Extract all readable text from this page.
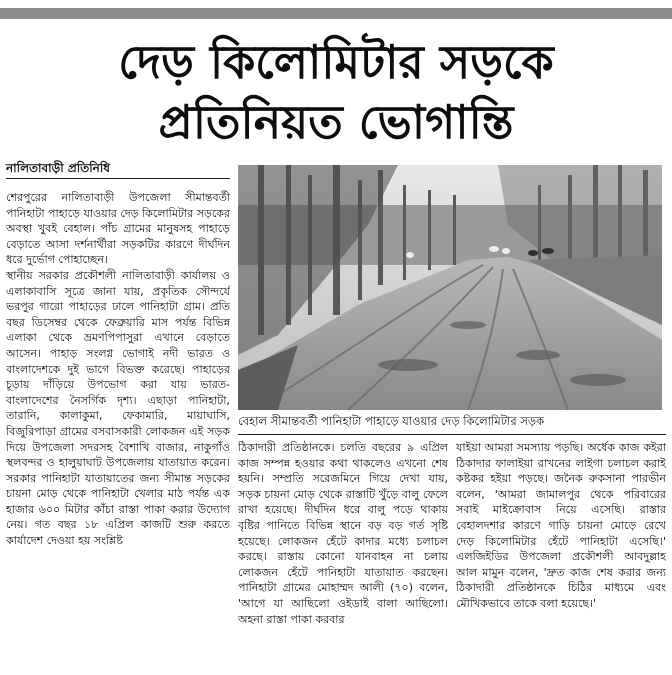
দেড় কিলোমিটার সড়কে
প্রতিনিয়ত ভোগান্তি
নালিতাবাড়ী প্রতিনিধি

শেরপুরের নালিতাবাড়ী উপজেলা সীমান্তবর্তী পানিহাটা পাহাড়ে যাওয়ার দেড় কিলোমিটার সড়কের অবস্থা খুবই বেহাল। পাঁচ গ্রামের মানুষসহ পাহাড়ে বেড়াতে আসা দর্শনার্থীরা সড়কটির কারণে দীর্ঘদিন ধরে দুর্ভোগ পোহাচ্ছেন।

স্থানীয় সরকার প্রকৌশলী নালিতাবাড়ী কার্যালয় ও এলাকাবাসি সূত্রে জানা যায়, প্রকৃতিক সৌন্দর্যে ভরপুর গারো পাহাড়ের ঢালে পানিহাটা গ্রাম। প্রতি বছর ডিসেম্বর থেকে ফেব্রুয়ারি মাস পর্যন্ত বিভিন্ন এলাকা থেকে ভ্রমণপিপাসুরা এখানে বেড়াতে আসেন। পাহাড় সংলগ্ন ভোগাই নদী ভারত ও বাংলাদেশকে দুই ভাগে বিভক্ত করেছে। পাহাড়ের চূড়ায় দাঁড়িয়ে উপভোগ করা যায় ভারত-বাংলাদেশের নৈসর্গিক দৃশ্য। এছাড়া পানিহাটা, তারানি, কালাকুমা, ফেকামারি, মায়াঘাসি, বিজুরিপাড়া গ্রামের বসবাসকারী লোকজন এই সড়ক দিয়ে উপজেলা সদরসহ বৈশাখি বাজার, নাকুগাঁও স্থলবন্দর ও হালুয়াঘাট উপজেলায় যাতায়াত করেন। সরকার পানিহাটা যাতায়াতের জন্য সীমান্ত সড়কের চায়না মোড় থেকে পানিহাটা খেলার মাঠ পর্যন্ত এক হাজার ৬০০ মিটার কাঁচা রাস্তা পাকা করার উদ্যোগ নেয়। গত বছর ১৮ এপ্রিল কাজটি শুরু করতে কার্যাদেশ দেওয়া হয় সংশ্লিষ্ট

বেহাল সীমান্তবর্তী পানিহাটা পাহাড়ে যাওয়ার দেড় কিলোমিটার সড়ক

ঠিকাদারী প্রতিষ্ঠানকে। চলতি বছরের ৯ এপ্রিল কাজ সম্পন্ন হওয়ার কথা থাকলেও এখনো শেষ হয়নি। সম্প্রতি সরেজমিনে গিয়ে দেখা যায়, সড়ক চায়না মোড় থেকে রাস্তাটি খুঁড়ে বালু ফেলে রাখা হয়েছে। দীর্ঘদিন ধরে বালু পড়ে থাকায় বৃষ্টির পানিতে বিভিন্ন স্থানে বড় বড় গর্ত সৃষ্টি হয়েছে। লোকজন হেঁটে কাদার মধ্যে চলাচল করছে। রাস্তায় কোনো যানবাহন না চলায় লোকজন হেঁটে পানিহাটা যাতায়াত করছেন। পানিহাটা গ্রামের মোহাম্মদ আলী (৭০) বলেন, 'আগে যা আছিলো ওইডাই বালা আছিলো। অহনা রাস্তা পাকা করবার

যাইয়া আমরা সমস্যায় পড়ছি। অর্ধেক কাজ কইরা ঠিকাদার ফালাইয়া রাখনের লাইগা চলাচল করাই কষ্টকর হইয়া পড়ছে। জনৈক রুকসানা পারভীন বলেন, 'আমরা জামালপুর থেকে পরিবারের সবাই মাইক্রোবাস নিয়ে এসেছি। রাস্তার বেহালদশার কারণে গাড়ি চায়না মোড়ে রেখে দেড় কিলোমিটার হেঁটে পানিহাটা এসেছি।' এলজিইডির উপজেলা প্রকৌশলী আবদুল্লাহ আল মামুন বলেন, 'দ্রুত কাজ শেষ করার জন্য ঠিকাদারী প্রতিষ্ঠানকে চিঠির মাধ্যমে এবং মৌখিকভাবে তাকে বলা হয়েছে।'
